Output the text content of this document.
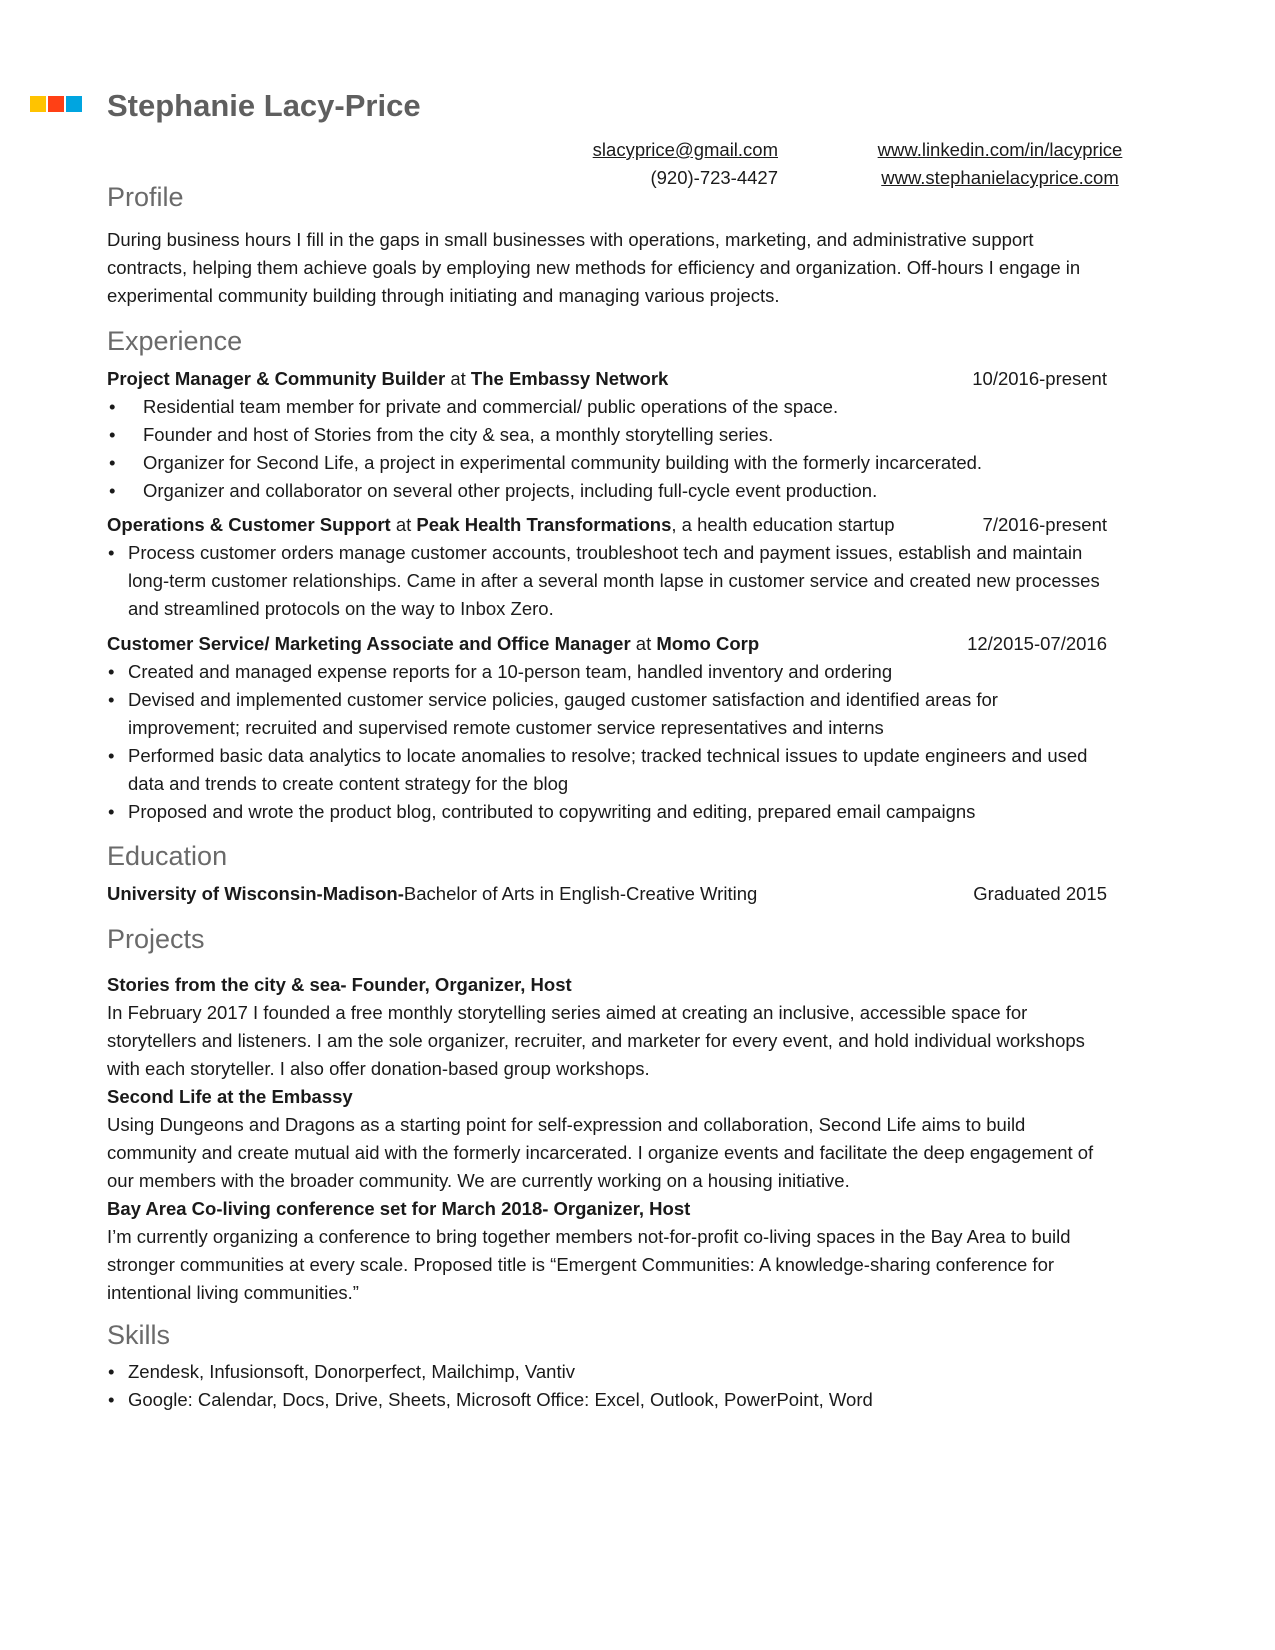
Stephanie Lacy-Price
slacyprice@gmail.com
(920)-723-4427
www.linkedin.com/in/lacyprice
www.stephanielacyprice.com
Profile
During business hours I fill in the gaps in small businesses with operations, marketing, and administrative support contracts, helping them achieve goals by employing new methods for efficiency and organization. Off-hours I engage in experimental community building through initiating and managing various projects.
Experience
Project Manager & Community Builder at The Embassy Network	10/2016-present
• Residential team member for private and commercial/ public operations of the space.
• Founder and host of Stories from the city & sea, a monthly storytelling series.
• Organizer for Second Life, a project in experimental community building with the formerly incarcerated.
• Organizer and collaborator on several other projects, including full-cycle event production.
Operations & Customer Support at Peak Health Transformations, a health education startup	7/2016-present
• Process customer orders manage customer accounts, troubleshoot tech and payment issues, establish and maintain long-term customer relationships. Came in after a several month lapse in customer service and created new processes and streamlined protocols on the way to Inbox Zero.
Customer Service/ Marketing Associate and Office Manager at Momo Corp	12/2015-07/2016
• Created and managed expense reports for a 10-person team, handled inventory and ordering
• Devised and implemented customer service policies, gauged customer satisfaction and identified areas for improvement; recruited and supervised remote customer service representatives and interns
• Performed basic data analytics to locate anomalies to resolve; tracked technical issues to update engineers and used data and trends to create content strategy for the blog
• Proposed and wrote the product blog, contributed to copywriting and editing, prepared email campaigns
Education
University of Wisconsin-Madison-Bachelor of Arts in English-Creative Writing	Graduated 2015
Projects
Stories from the city & sea- Founder, Organizer, Host
In February 2017 I founded a free monthly storytelling series aimed at creating an inclusive, accessible space for storytellers and listeners. I am the sole organizer, recruiter, and marketer for every event, and hold individual workshops with each storyteller. I also offer donation-based group workshops.
Second Life at the Embassy
Using Dungeons and Dragons as a starting point for self-expression and collaboration, Second Life aims to build community and create mutual aid with the formerly incarcerated. I organize events and facilitate the deep engagement of our members with the broader community. We are currently working on a housing initiative.
Bay Area Co-living conference set for March 2018- Organizer, Host
I’m currently organizing a conference to bring together members not-for-profit co-living spaces in the Bay Area to build stronger communities at every scale. Proposed title is “Emergent Communities: A knowledge-sharing conference for intentional living communities.”
Skills
• Zendesk, Infusionsoft, Donorperfect, Mailchimp, Vantiv
• Google: Calendar, Docs, Drive, Sheets, Microsoft Office: Excel, Outlook, PowerPoint, Word
